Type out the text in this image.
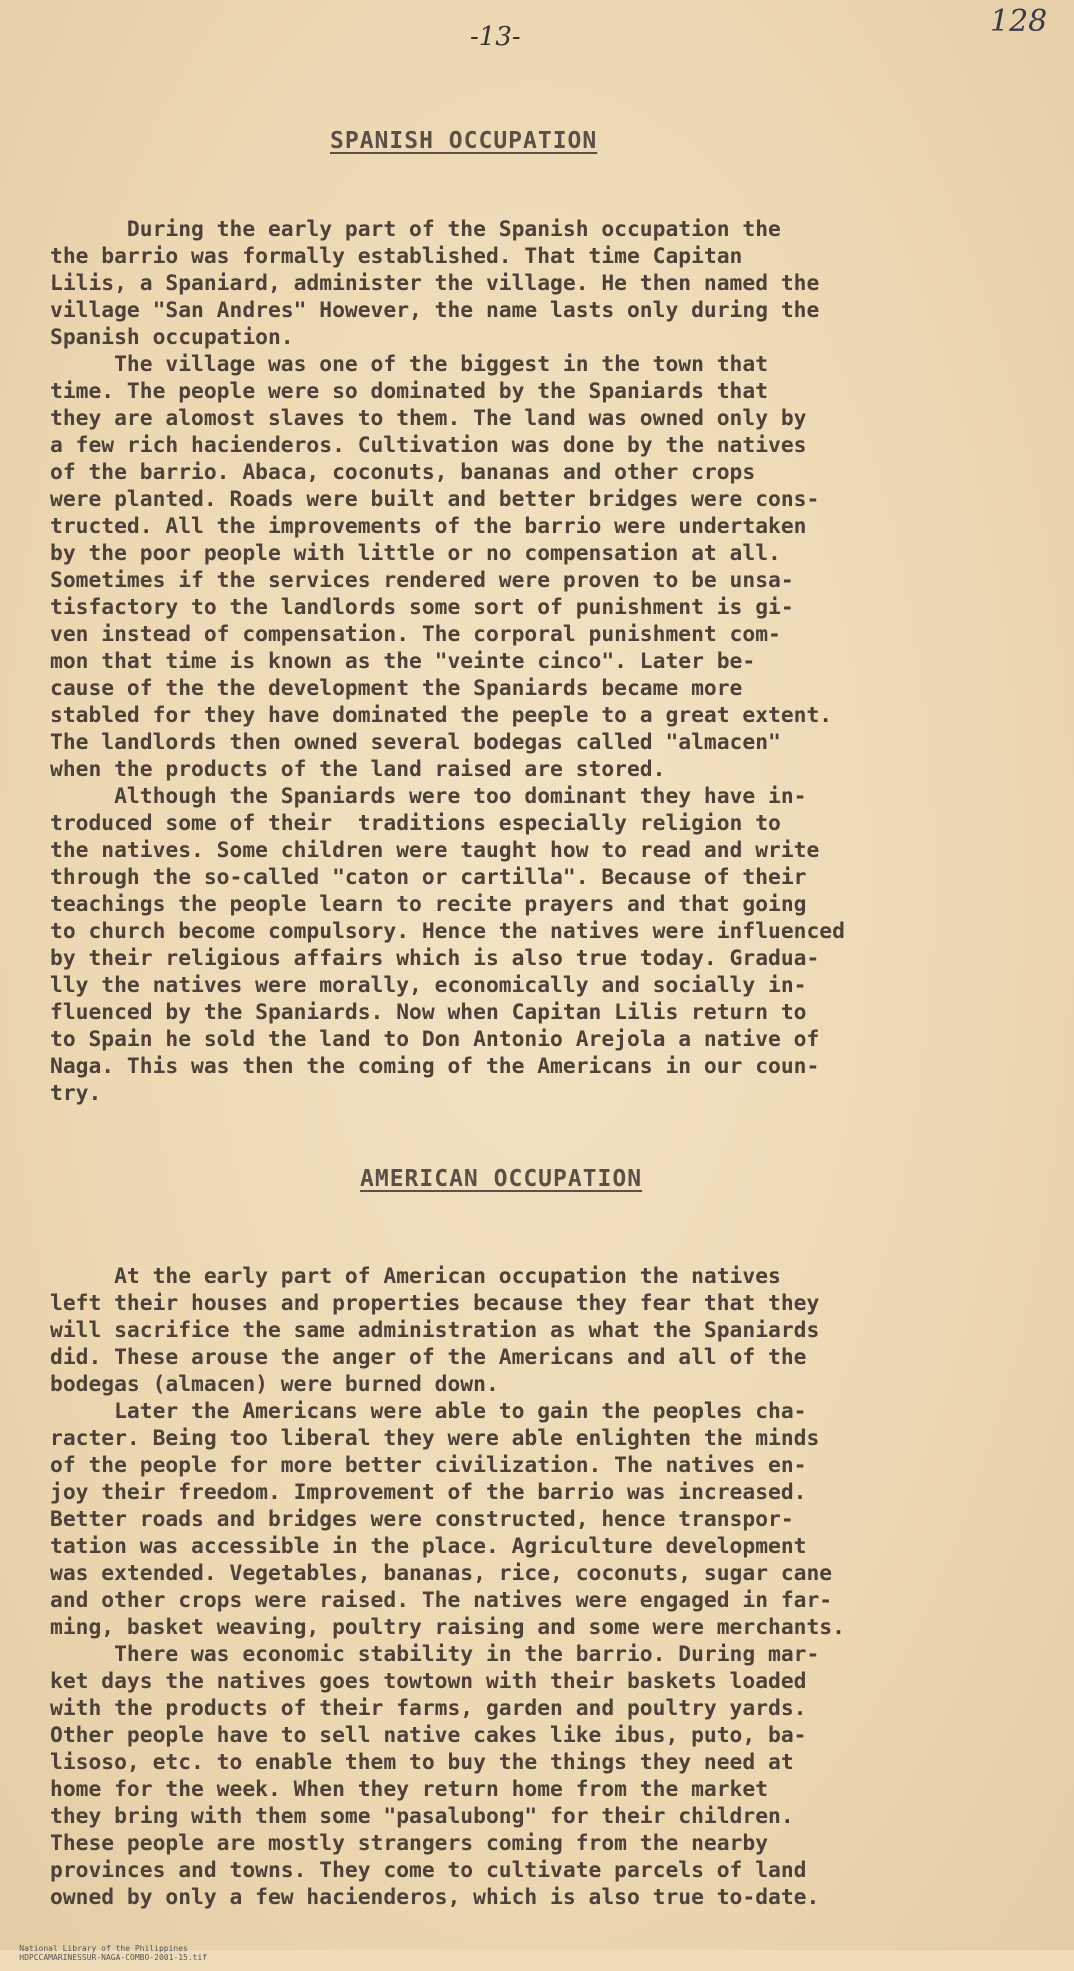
-13-	128
SPANISH OCCUPATION
During the early part of the Spanish occupation the
the barrio was formally established. That time Capitan
Lilis, a Spaniard, administer the village. He then named the
village "San Andres" However, the name lasts only during the
Spanish occupation.
The village was one of the biggest in the town that
time. The people were so dominated by the Spaniards that
they are alomost slaves to them. The land was owned only by
a few rich hacienderos. Cultivation was done by the natives
of the barrio. Abaca, coconuts, bananas and other crops
were planted. Roads were built and better bridges were cons-
tructed. All the improvements of the barrio were undertaken
by the poor people with little or no compensation at all.
Sometimes if the services rendered were proven to be unsa-
tisfactory to the landlords some sort of punishment is gi-
ven instead of compensation. The corporal punishment com-
mon that time is known as the "veinte cinco". Later be-
cause of the the development the Spaniards became more
stabled for they have dominated the peeple to a great extent.
The landlords then owned several bodegas called "almacen"
when the products of the land raised are stored.
Although the Spaniards were too dominant they have in-
troduced some of their  traditions especially religion to
the natives. Some children were taught how to read and write
through the so-called "caton or cartilla". Because of their
teachings the people learn to recite prayers and that going
to church become compulsory. Hence the natives were influenced
by their religious affairs which is also true today. Gradua-
lly the natives were morally, economically and socially in-
fluenced by the Spaniards. Now when Capitan Lilis return to
to Spain he sold the land to Don Antonio Arejola a native of
Naga. This was then the coming of the Americans in our coun-
try.
AMERICAN OCCUPATION
At the early part of American occupation the natives
left their houses and properties because they fear that they
will sacrifice the same administration as what the Spaniards
did. These arouse the anger of the Americans and all of the
bodegas (almacen) were burned down.
Later the Americans were able to gain the peoples cha-
racter. Being too liberal they were able enlighten the minds
of the people for more better civilization. The natives en-
joy their freedom. Improvement of the barrio was increased.
Better roads and bridges were constructed, hence transpor-
tation was accessible in the place. Agriculture development
was extended. Vegetables, bananas, rice, coconuts, sugar cane
and other crops were raised. The natives were engaged in far-
ming, basket weaving, poultry raising and some were merchants.
There was economic stability in the barrio. During mar-
ket days the natives goes towtown with their baskets loaded
with the products of their farms, garden and poultry yards.
Other people have to sell native cakes like ibus, puto, ba-
lisoso, etc. to enable them to buy the things they need at
home for the week. When they return home from the market
they bring with them some "pasalubong" for their children.
These people are mostly strangers coming from the nearby
provinces and towns. They come to cultivate parcels of land
owned by only a few hacienderos, which is also true to-date.

National Library of the Philippines
HDPCCAMARINESSUR-NAGA-COMBO-2001-15.tif
